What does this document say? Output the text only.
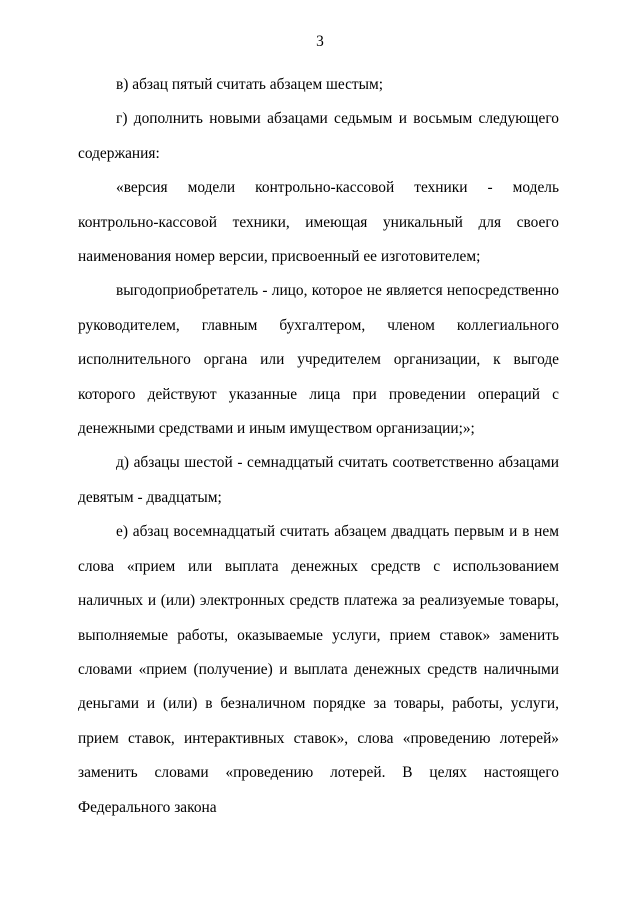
3

в) абзац пятый считать абзацем шестым;

г) дополнить новыми абзацами седьмым и восьмым следующего содержания:

«версия модели контрольно-кассовой техники - модель контрольно-кассовой техники, имеющая уникальный для своего наименования номер версии, присвоенный ее изготовителем;

выгодоприобретатель - лицо, которое не является непосредственно руководителем, главным бухгалтером, членом коллегиального исполнительного органа или учредителем организации, к выгоде которого действуют указанные лица при проведении операций с денежными средствами и иным имуществом организации;»;

д) абзацы шестой - семнадцатый считать соответственно абзацами девятым - двадцатым;

е) абзац восемнадцатый считать абзацем двадцать первым и в нем слова «прием или выплата денежных средств с использованием наличных и (или) электронных средств платежа за реализуемые товары, выполняемые работы, оказываемые услуги, прием ставок» заменить словами «прием (получение) и выплата денежных средств наличными деньгами и (или) в безналичном порядке за товары, работы, услуги, прием ставок, интерактивных ставок», слова «проведению лотерей» заменить словами «проведению лотерей. В целях настоящего Федерального закона
